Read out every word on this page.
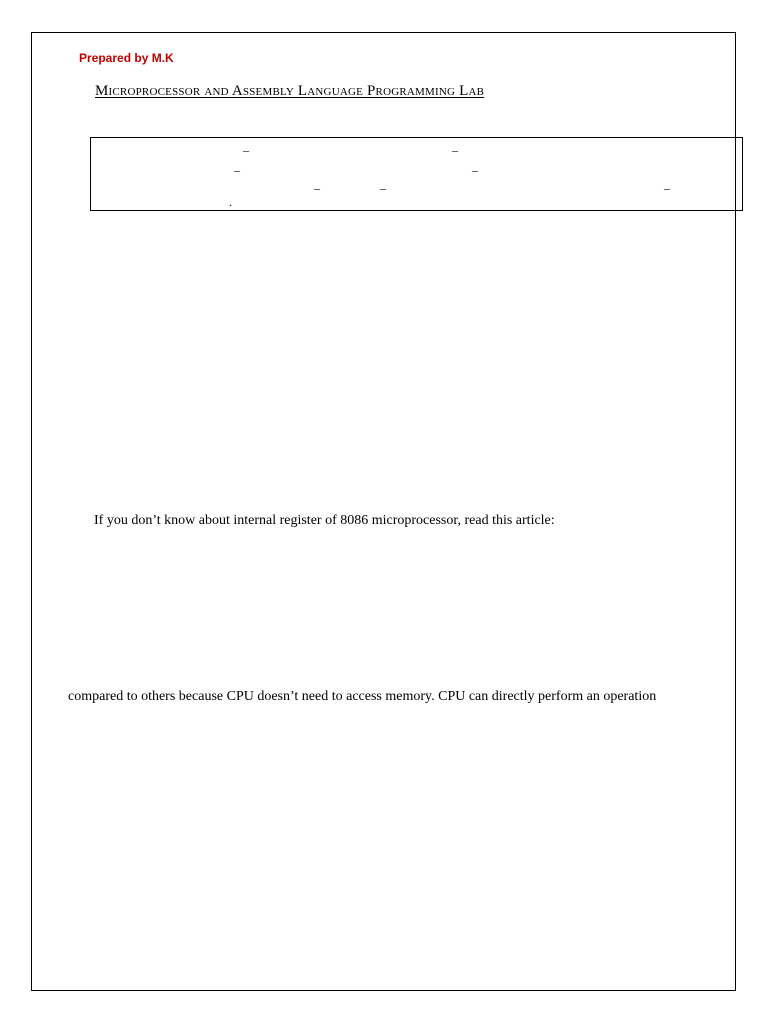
Prepared by M.K
Microprocessor and Assembly Language Programming Lab
_	_
_	_
_	_	_
.
If you don’t know about internal register of 8086 microprocessor, read this article:
compared to others because CPU doesn’t need to access memory. CPU can directly perform an operation
